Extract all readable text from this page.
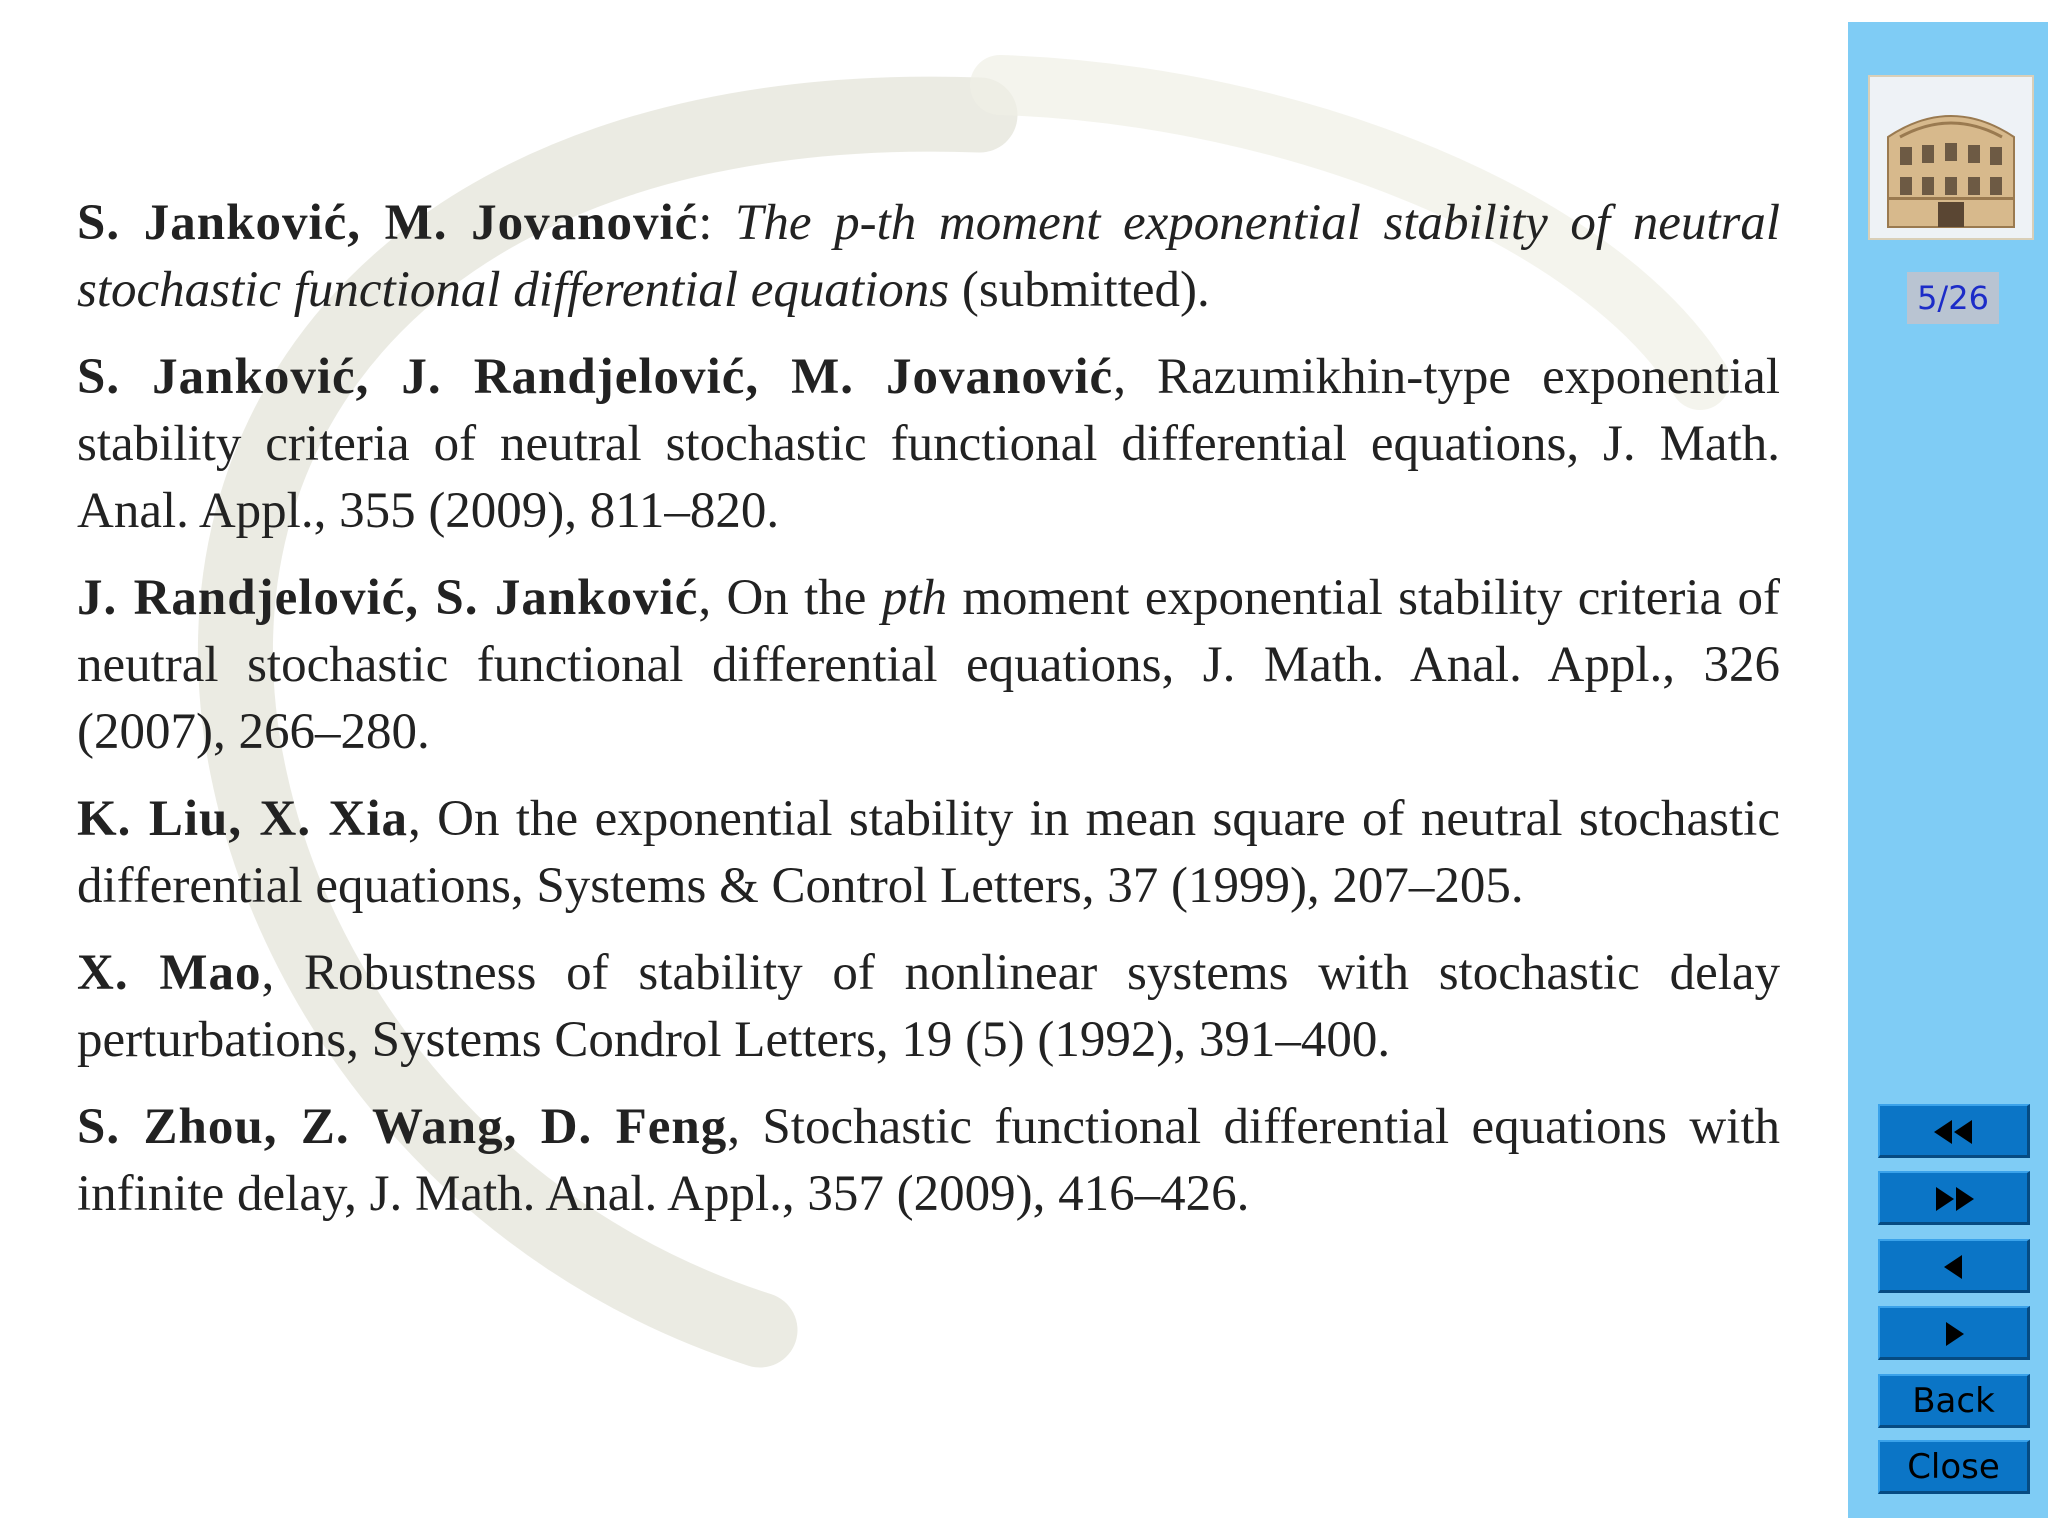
S. Janković, M. Jovanović: The p-th moment exponential stability of neutral stochastic functional differential equations (submitted).

S. Janković, J. Randjelović, M. Jovanović, Razumikhin-type exponential stability criteria of neutral stochastic functional differential equations, J. Math. Anal. Appl., 355 (2009), 811–820.

J. Randjelović, S. Janković, On the pth moment exponential stability criteria of neutral stochastic functional differential equations, J. Math. Anal. Appl., 326 (2007), 266–280.

K. Liu, X. Xia, On the exponential stability in mean square of neutral stochastic differential equations, Systems & Control Letters, 37 (1999), 207–205.

X. Mao, Robustness of stability of nonlinear systems with stochastic delay perturbations, Systems Condrol Letters, 19 (5) (1992), 391–400.

S. Zhou, Z. Wang, D. Feng, Stochastic functional differential equations with infinite delay, J. Math. Anal. Appl., 357 (2009), 416–426.

5/26
Back
Close
